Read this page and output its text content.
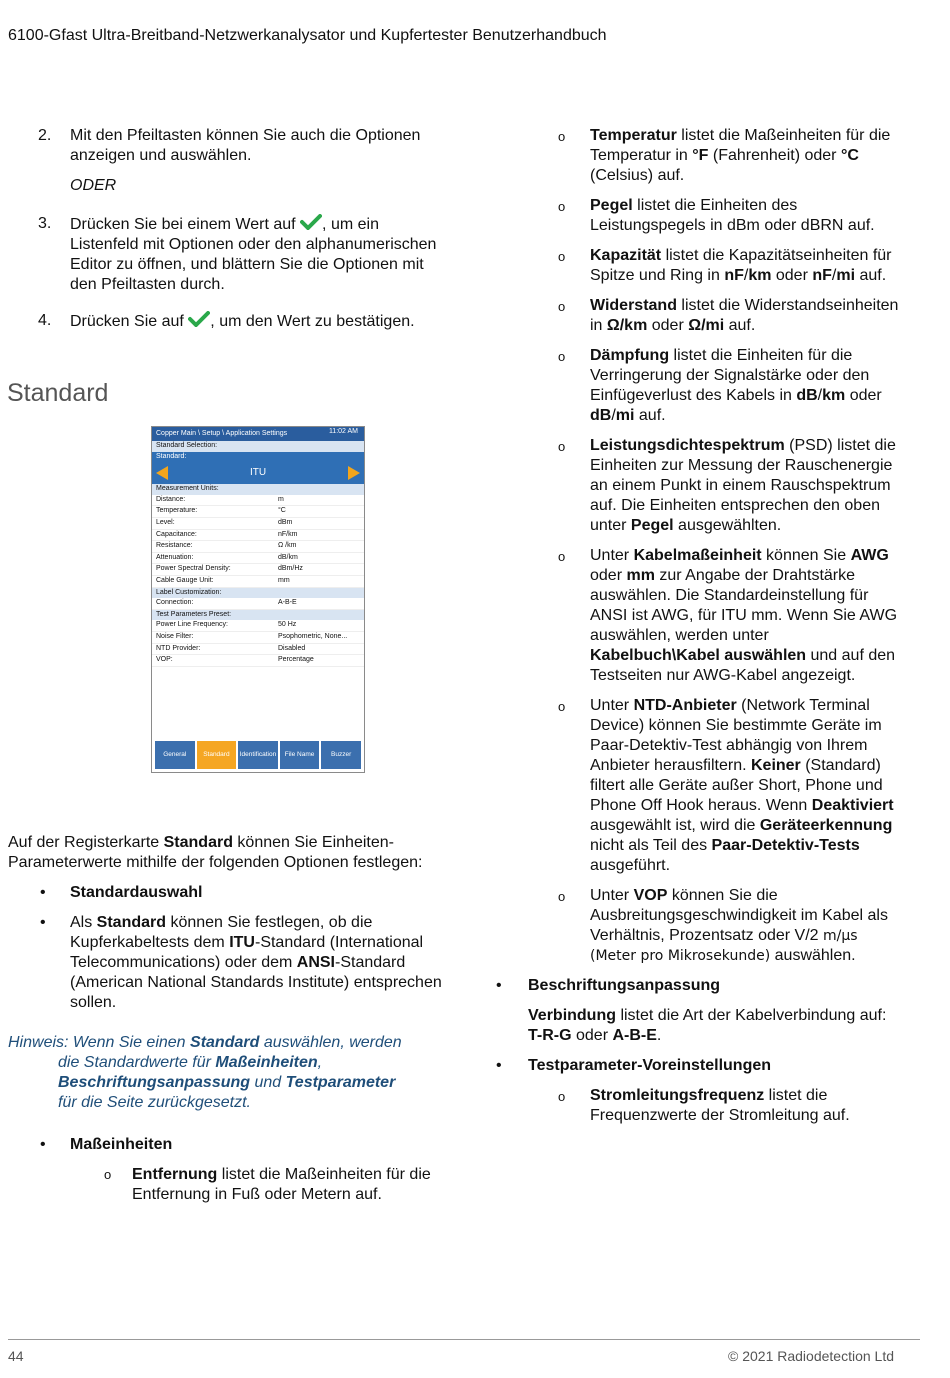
6100-Gfast Ultra-Breitband-Netzwerkanalysator und Kupfertester Benutzerhandbuch
2. Mit den Pfeiltasten können Sie auch die Optionen anzeigen und auswählen.
ODER
3. Drücken Sie bei einem Wert auf , um ein Listenfeld mit Optionen oder den alphanumerischen Editor zu öffnen, und blättern Sie die Optionen mit den Pfeiltasten durch.
4. Drücken Sie auf , um den Wert zu bestätigen.
Standard
Copper Main \ Setup \ Application Settings	11:02 AM
Standard Selection:
Standard:
ITU
Measurement Units:
Distance:	m
Temperature:	°C
Level:	dBm
Capacitance:	nF/km
Resistance:	Ω /km
Attenuation:	dB/km
Power Spectral Density:	dBm/Hz
Cable Gauge Unit:	mm
Label Customization:
Connection:	A-B-E
Test Parameters Preset:
Power Line Frequency:	50 Hz
Noise Filter:	Psophometric, None...
NTD Provider:	Disabled
VOP:	Percentage
General	Standard	Identification	File Name	Buzzer

Auf der Registerkarte Standard können Sie Einheiten-Parameterwerte mithilfe der folgenden Optionen festlegen:

• Standardauswahl
• Als Standard können Sie festlegen, ob die Kupferkabeltests dem ITU-Standard (International Telecommunications) oder dem ANSI-Standard (American National Standards Institute) entsprechen sollen.

Hinweis: Wenn Sie einen Standard auswählen, werden
die Standardwerte für Maßeinheiten,
Beschriftungsanpassung und Testparameter
für die Seite zurückgesetzt.

• Maßeinheiten
o Entfernung listet die Maßeinheiten für die Entfernung in Fuß oder Metern auf.
o Temperatur listet die Maßeinheiten für die Temperatur in °F (Fahrenheit) oder °C (Celsius) auf.
o Pegel listet die Einheiten des Leistungspegels in dBm oder dBRN auf.
o Kapazität listet die Kapazitätseinheiten für Spitze und Ring in nF/km oder nF/mi auf.
o Widerstand listet die Widerstandseinheiten in Ω/km oder Ω/mi auf.
o Dämpfung listet die Einheiten für die Verringerung der Signalstärke oder den Einfügeverlust des Kabels in dB/km oder dB/mi auf.
o Leistungsdichtespektrum (PSD) listet die Einheiten zur Messung der Rauschenergie an einem Punkt in einem Rauschspektrum auf. Die Einheiten entsprechen den oben unter Pegel ausgewählten.
o Unter Kabelmaßeinheit können Sie AWG oder mm zur Angabe der Drahtstärke auswählen. Die Standardeinstellung für ANSI ist AWG, für ITU mm. Wenn Sie AWG auswählen, werden unter Kabelbuch\Kabel auswählen und auf den Testseiten nur AWG-Kabel angezeigt.
o Unter NTD-Anbieter (Network Terminal Device) können Sie bestimmte Geräte im Paar-Detektiv-Test abhängig von Ihrem Anbieter herausfiltern. Keiner (Standard) filtert alle Geräte außer Short, Phone und Phone Off Hook heraus. Wenn Deaktiviert ausgewählt ist, wird die Geräteerkennung nicht als Teil des Paar-Detektiv-Tests ausgeführt.
o Unter VOP können Sie die Ausbreitungsgeschwindigkeit im Kabel als Verhältnis, Prozentsatz oder V/2 m/µs (Meter pro Mikrosekunde) auswählen.
• Beschriftungsanpassung
Verbindung listet die Art der Kabelverbindung auf:
T-R-G oder A-B-E.
• Testparameter-Voreinstellungen
o Stromleitungsfrequenz listet die Frequenzwerte der Stromleitung auf.
44	© 2021 Radiodetection Ltd
